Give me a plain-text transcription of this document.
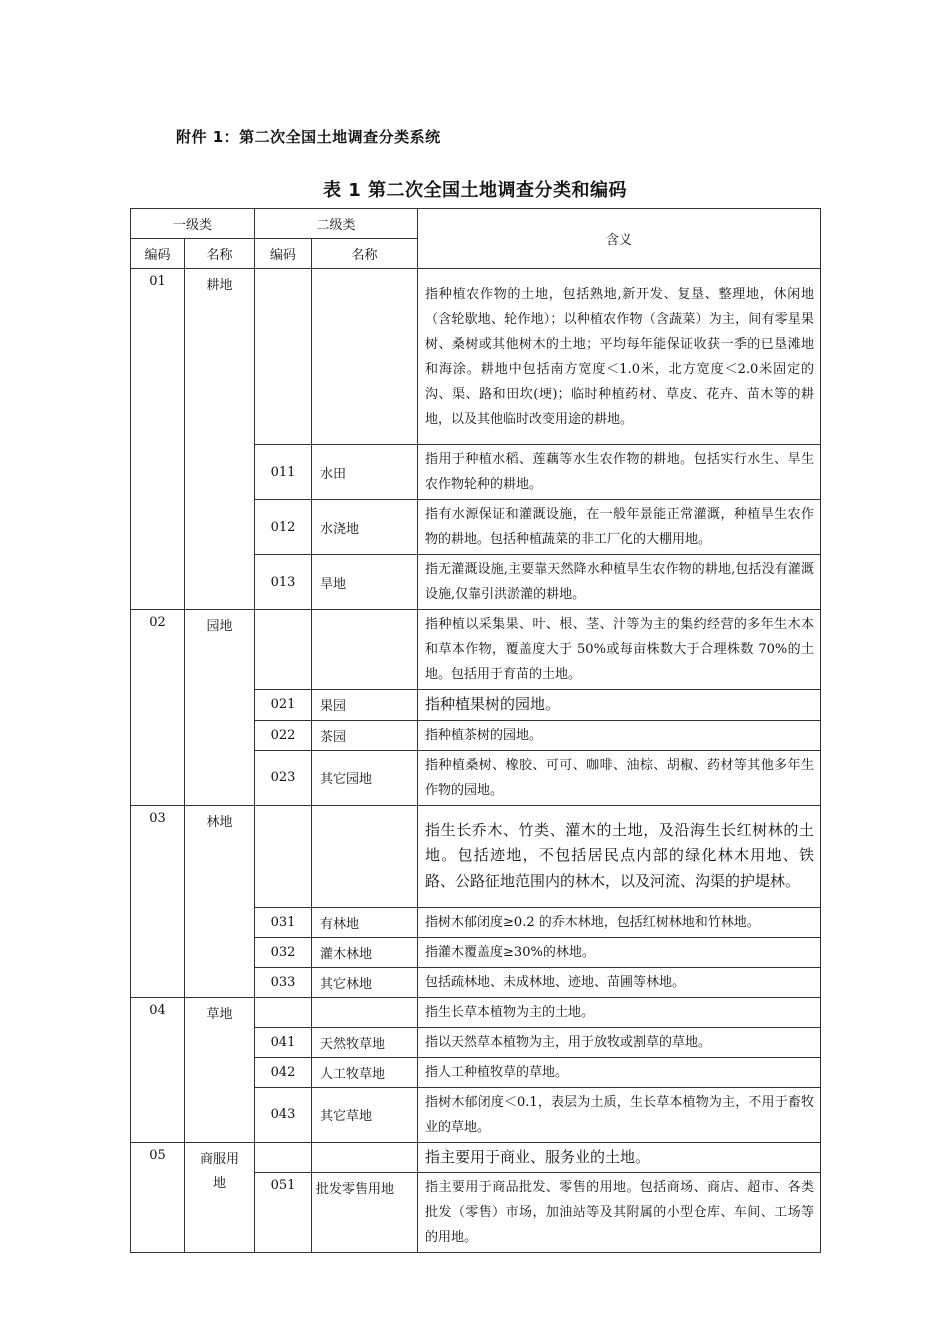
附件 1：第二次全国土地调查分类系统
表 1 第二次全国土地调查分类和编码
一级类		二级类		含义
编码	名称	编码	名称	
01	耕地			指种植农作物的土地，包括熟地,新开发、复垦、整理地，休闲地（含轮歇地、轮作地）；以种植农作物（含蔬菜）为主，间有零星果树、桑树或其他树木的土地；平均每年能保证收获一季的已垦滩地和海涂。耕地中包括南方宽度＜1.0米，北方宽度＜2.0米固定的沟、渠、路和田坎(埂)；临时种植药材、草皮、花卉、苗木等的耕地，以及其他临时改变用途的耕地。
		011	水田	指用于种植水稻、莲藕等水生农作物的耕地。包括实行水生、旱生农作物轮种的耕地。
		012	水浇地	指有水源保证和灌溉设施，在一般年景能正常灌溉，种植旱生农作物的耕地。包括种植蔬菜的非工厂化的大棚用地。
		013	旱地	指无灌溉设施,主要靠天然降水种植旱生农作物的耕地,包括没有灌溉设施,仅靠引洪淤灌的耕地。
02	园地			指种植以采集果、叶、根、茎、汁等为主的集约经营的多年生木本和草本作物，覆盖度大于 50%或每亩株数大于合理株数 70%的土地。包括用于育苗的土地。
		021	果园	指种植果树的园地。
		022	茶园	指种植茶树的园地。
		023	其它园地	指种植桑树、橡胶、可可、咖啡、油棕、胡椒、药材等其他多年生作物的园地。
03	林地			指生长乔木、竹类、灌木的土地，及沿海生长红树林的土地。包括迹地，不包括居民点内部的绿化林木用地、铁路、公路征地范围内的林木，以及河流、沟渠的护堤林。
		031	有林地	指树木郁闭度≥0.2 的乔木林地，包括红树林地和竹林地。
		032	灌木林地	指灌木覆盖度≥30%的林地。
		033	其它林地	包括疏林地、未成林地、迹地、苗圃等林地。
04	草地			指生长草本植物为主的土地。
		041	天然牧草地	指以天然草本植物为主，用于放牧或割草的草地。
		042	人工牧草地	指人工种植牧草的草地。
		043	其它草地	指树木郁闭度＜0.1，表层为土质，生长草本植物为主，不用于畜牧业的草地。
05	商服用地			指主要用于商业、服务业的土地。
		051	批发零售用地	指主要用于商品批发、零售的用地。包括商场、商店、超市、各类批发（零售）市场，加油站等及其附属的小型仓库、车间、工场等的用地。
